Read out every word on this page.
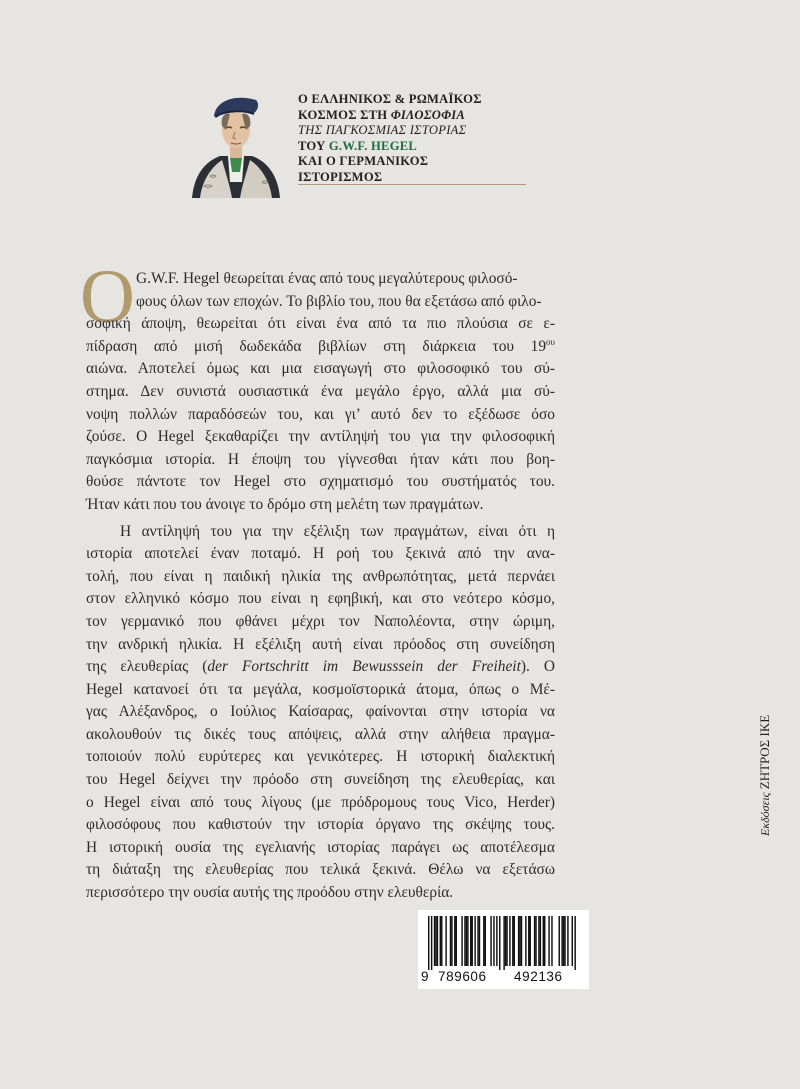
Ο ΕΛΛΗΝΙΚΟΣ & ΡΩΜΑΪΚΟΣ
ΚΟΣΜΟΣ ΣΤΗ ΦΙΛΟΣΟΦΙΑ
ΤΗΣ ΠΑΓΚΟΣΜΙΑΣ ΙΣΤΟΡΙΑΣ
ΤΟΥ G.W.F. HEGEL
ΚΑΙ Ο ΓΕΡΜΑΝΙΚΟΣ
ΙΣΤΟΡΙΣΜΟΣ
Ο G.W.F. Hegel θεωρείται ένας από τους μεγαλύτερους φιλοσό-
φους όλων των εποχών. Το βιβλίο του, που θα εξετάσω από φιλο-
σοφική άποψη, θεωρείται ότι είναι ένα από τα πιο πλούσια σε ε-
πίδραση από μισή δωδεκάδα βιβλίων στη διάρκεια του $19^{o\upsilon}$
αιώνα. Αποτελεί όμως και μια εισαγωγή στο φιλοσοφικό του σύ-
στημα. Δεν συνιστά ουσιαστικά ένα μεγάλο έργο, αλλά μια σύ-
νοψη πολλών παραδόσεών του, και γι’ αυτό δεν το εξέδωσε όσο
ζούσε. Ο Hegel ξεκαθαρίζει την αντίληψή του για την φιλοσοφική
παγκόσμια ιστορία. Η έποψη του γίγνεσθαι ήταν κάτι που βοη-
θούσε πάντοτε τον Hegel στο σχηματισμό του συστήματός του.
Ήταν κάτι που του άνοιγε το δρόμο στη μελέτη των πραγμάτων.
Η αντίληψή του για την εξέλιξη των πραγμάτων, είναι ότι η
ιστορία αποτελεί έναν ποταμό. Η ροή του ξεκινά από την ανα-
τολή, που είναι η παιδική ηλικία της ανθρωπότητας, μετά περνάει
στον ελληνικό κόσμο που είναι η εφηβική, και στο νεότερο κόσμο,
τον γερμανικό που φθάνει μέχρι τον Ναπολέοντα, στην ώριμη,
την ανδρική ηλικία. Η εξέλιξη αυτή είναι πρόοδος στη συνείδηση
της ελευθερίας (der Fortschritt im Bewusssein der Freiheit). Ο
Hegel κατανοεί ότι τα μεγάλα, κοσμοϊστορικά άτομα, όπως ο Μέ-
γας Αλέξανδρος, ο Ιούλιος Καίσαρας, φαίνονται στην ιστορία να
ακολουθούν τις δικές τους απόψεις, αλλά στην αλήθεια πραγμα-
τοποιούν πολύ ευρύτερες και γενικότερες. Η ιστορική διαλεκτική
του Hegel δείχνει την πρόοδο στη συνείδηση της ελευθερίας, και
ο Hegel είναι από τους λίγους (με πρόδρομους τους Vico, Herder)
φιλοσόφους που καθιστούν την ιστορία όργανο της σκέψης τους.
Η ιστορική ουσία της εγελιανής ιστορίας παράγει ως αποτέλεσμα
τη διάταξη της ελευθερίας που τελικά ξεκινά. Θέλω να εξετάσω
περισσότερο την ουσία αυτής της προόδου στην ελευθερία.
Εκδόσεις ΖΗΤΡΟΣ ΙΚΕ
9 789606 492136
